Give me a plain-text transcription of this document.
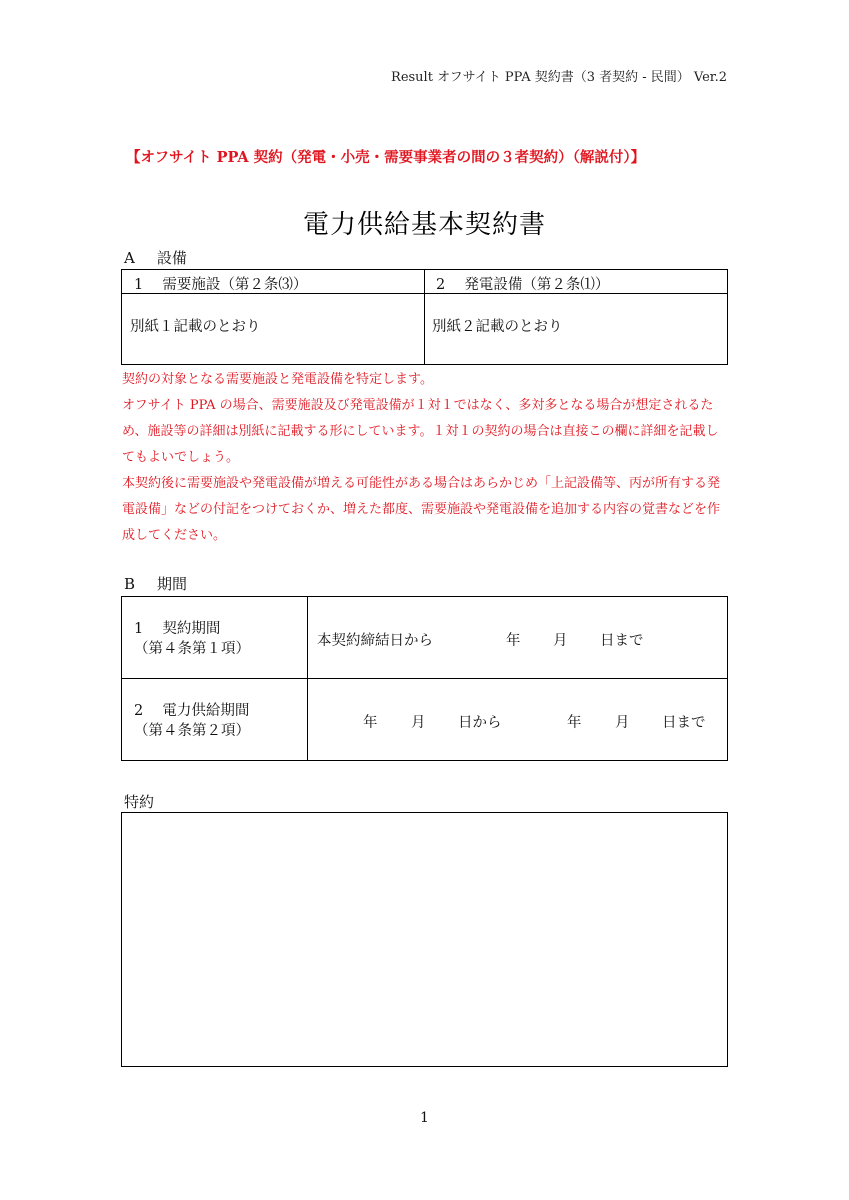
Result オフサイト PPA 契約書（3 者契約 - 民間） Ver.2
【オフサイト PPA 契約（発電・小売・需要事業者の間の３者契約）（解説付）】
電力供給基本契約書
A 設備
1　 需要施設（第２条⑶）	2　 発電設備（第２条⑴）
別紙１記載のとおり	別紙２記載のとおり

契約の対象となる需要施設と発電設備を特定します。

オフサイト PPA の場合、需要施設及び発電設備が１対１ではなく、多対多となる場合が想定されるため、施設等の詳細は別紙に記載する形にしています。１対１の契約の場合は直接この欄に詳細を記載してもよいでしょう。

本契約後に需要施設や発電設備が増える可能性がある場合はあらかじめ「上記設備等、丙が所有する発電設備」などの付記をつけておくか、増えた都度、需要施設や発電設備を追加する内容の覚書などを作成してください。

B 期間
1　 契約期間
（第４条第１項）	本契約締結日から	年 月 日まで
2　 電力供給期間
（第４条第２項）	年 月 日から	年 月 日まで
特約
1
